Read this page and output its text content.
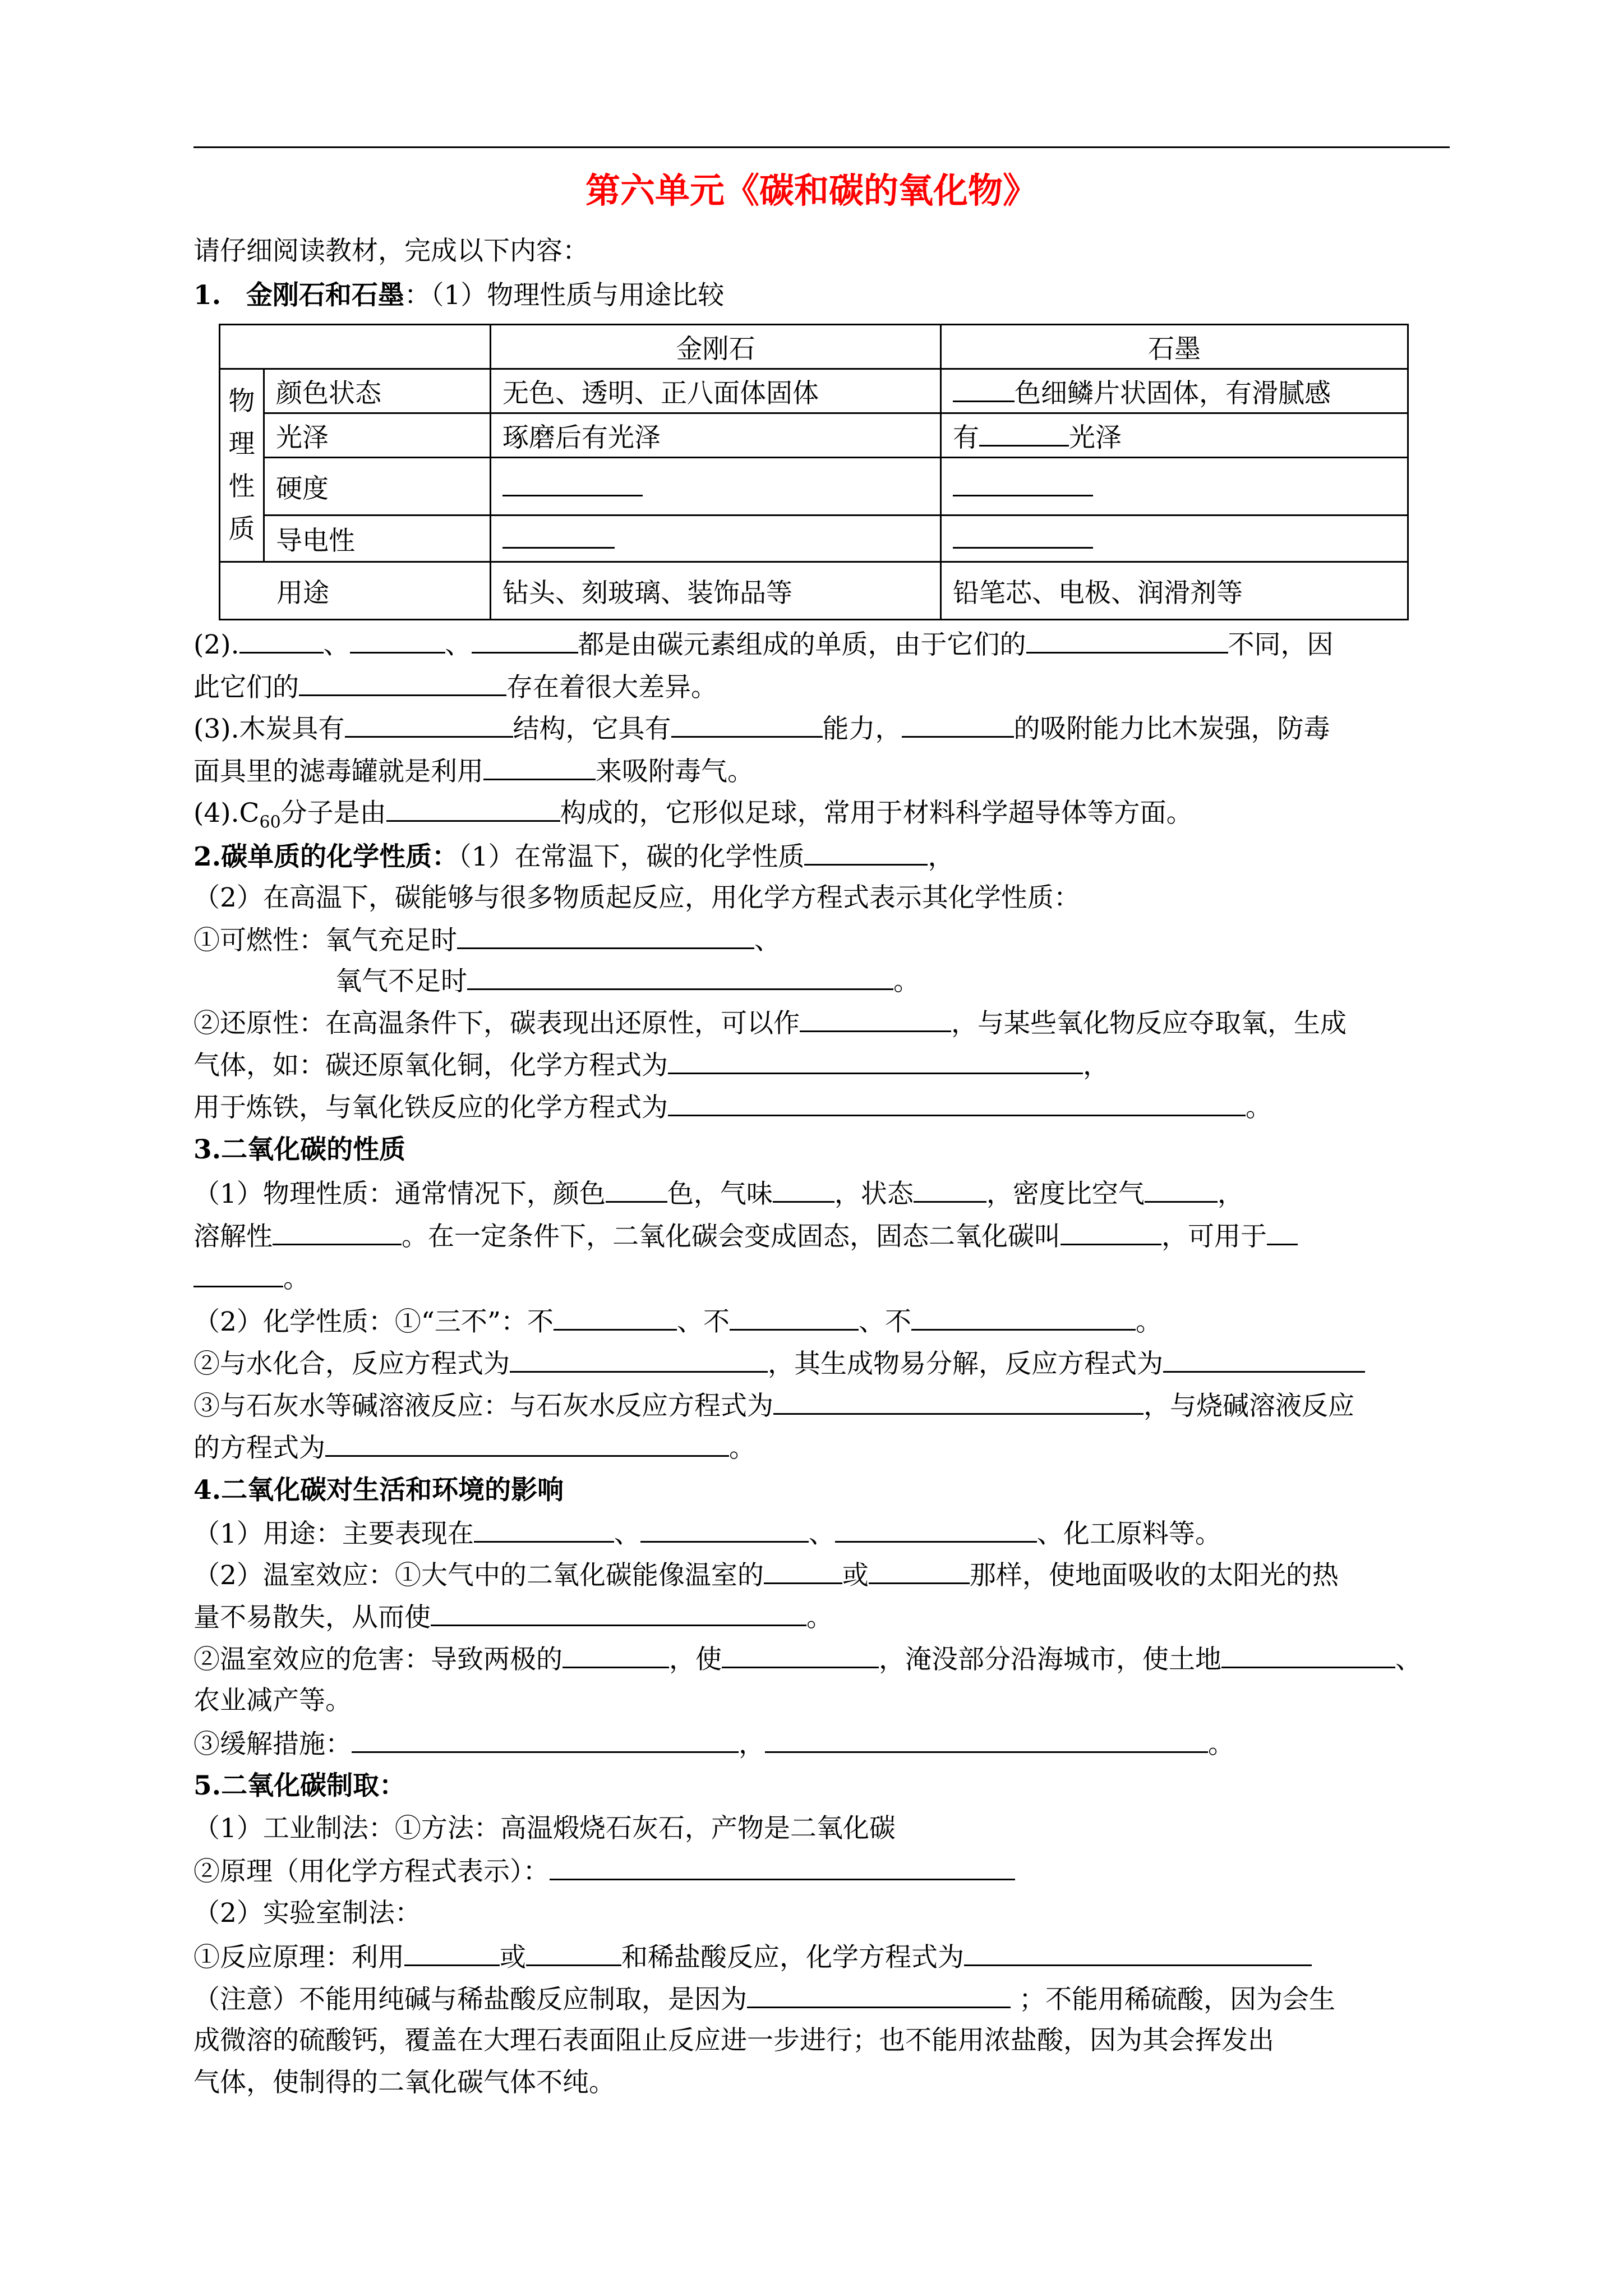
第六单元《碳和碳的氧化物》
请仔细阅读教材，完成以下内容：
1. 金刚石和石墨：（1）物理性质与用途比较
		金刚石	石墨

物
理
性
质	颜色状态	无色、透明、正八面体固体	色细鳞片状固体，有滑腻感
	光泽	琢磨后有光泽	有 光泽
	硬度		
	导电性		
用途		钻头、刻玻璃、装饰品等	铅笔芯、电极、润滑剂等
(2).	、	、	都是由碳元素组成的单质，由于它们的	不同，因
此它们的	存在着很大差异。
(3).木炭具有	结构，它具有	能力，	的吸附能力比木炭强，防毒
面具里的滤毒罐就是利用	来吸附毒气。
$(4).C_{60}$分子是由	构成的，它形似足球，常用于材料科学超导体等方面。
2.碳单质的化学性质：（1）在常温下，碳的化学性质	，
（2）在高温下，碳能够与很多物质起反应，用化学方程式表示其化学性质：
①可燃性：氧气充足时	、
氧气不足时	。
②还原性：在高温条件下，碳表现出还原性，可以作	，与某些氧化物反应夺取氧，生成
气体，如：碳还原氧化铜，化学方程式为	，
用于炼铁，与氧化铁反应的化学方程式为	。
3.二氧化碳的性质
（1）物理性质：通常情况下，颜色 色，气味 ，状态	，密度比空气	，
溶解性	。在一定条件下，二氧化碳会变成固态，固态二氧化碳叫	，可用于
。
（2）化学性质：①“三不”：不	、不	、不	。
②与水化合，反应方程式为	，其生成物易分解，反应方程式为
③与石灰水等碱溶液反应：与石灰水反应方程式为	，与烧碱溶液反应
的方程式为	。
4.二氧化碳对生活和环境的影响
（1）用途：主要表现在	、	、	、化工原料等。
（2）温室效应：①大气中的二氧化碳能像温室的	或	那样，使地面吸收的太阳光的热
量不易散失，从而使	。
②温室效应的危害：导致两极的	，使	，淹没部分沿海城市，使土地	、
农业减产等。
③缓解措施：	，	。
5.二氧化碳制取：
（1）工业制法：①方法：高温煅烧石灰石，产物是二氧化碳
②原理（用化学方程式表示）：
（2）实验室制法：
①反应原理：利用	或	和稀盐酸反应，化学方程式为
（注意）不能用纯碱与稀盐酸反应制取，是因为	；不能用稀硫酸，因为会生
成微溶的硫酸钙，覆盖在大理石表面阻止反应进一步进行；也不能用浓盐酸，因为其会挥发出
气体，使制得的二氧化碳气体不纯。
